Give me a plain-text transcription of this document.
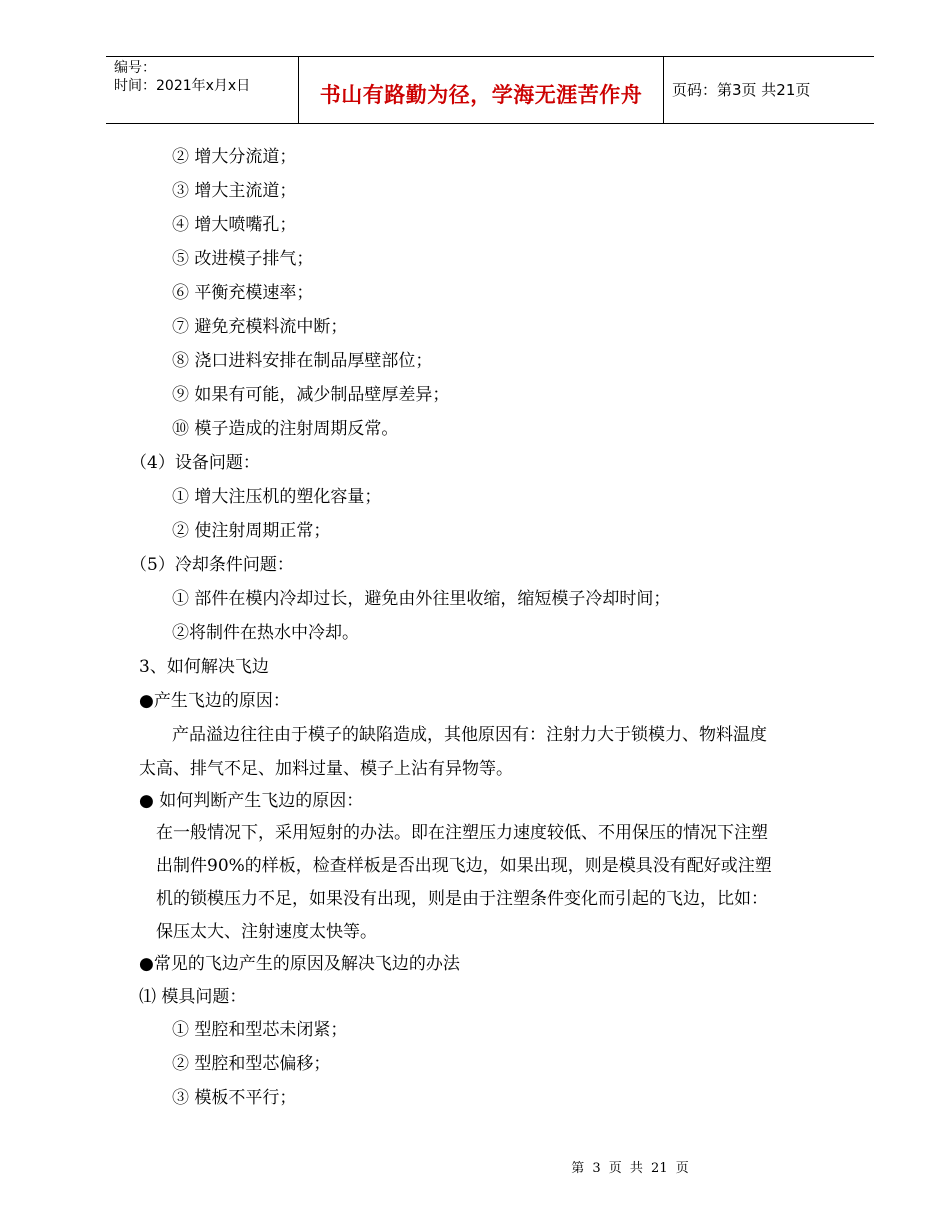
编号：
时间：2021年x月x日	书山有路勤为径，学海无涯苦作舟	页码：第3页 共21页
② 增大分流道；
③ 增大主流道；
④ 增大喷嘴孔；
⑤ 改进模子排气；
⑥ 平衡充模速率；
⑦ 避免充模料流中断；
⑧ 浇口进料安排在制品厚壁部位；
⑨ 如果有可能，减少制品壁厚差异；
⑩ 模子造成的注射周期反常。
（4）设备问题：
① 增大注压机的塑化容量；
② 使注射周期正常；
（5）冷却条件问题：
① 部件在模内冷却过长，避免由外往里收缩，缩短模子冷却时间；
②将制件在热水中冷却。
3、如何解决飞边
●产生飞边的原因：
产品溢边往往由于模子的缺陷造成，其他原因有：注射力大于锁模力、物料温度
太高、排气不足、加料过量、模子上沾有异物等。
● 如何判断产生飞边的原因：
在一般情况下，采用短射的办法。即在注塑压力速度较低、不用保压的情况下注塑
出制件90%的样板，检查样板是否出现飞边，如果出现，则是模具没有配好或注塑
机的锁模压力不足，如果没有出现，则是由于注塑条件变化而引起的飞边，比如：
保压太大、注射速度太快等。
●常见的飞边产生的原因及解决飞边的办法
⑴ 模具问题：
① 型腔和型芯未闭紧；
② 型腔和型芯偏移；
③ 模板不平行；
第 3 页 共 21 页
